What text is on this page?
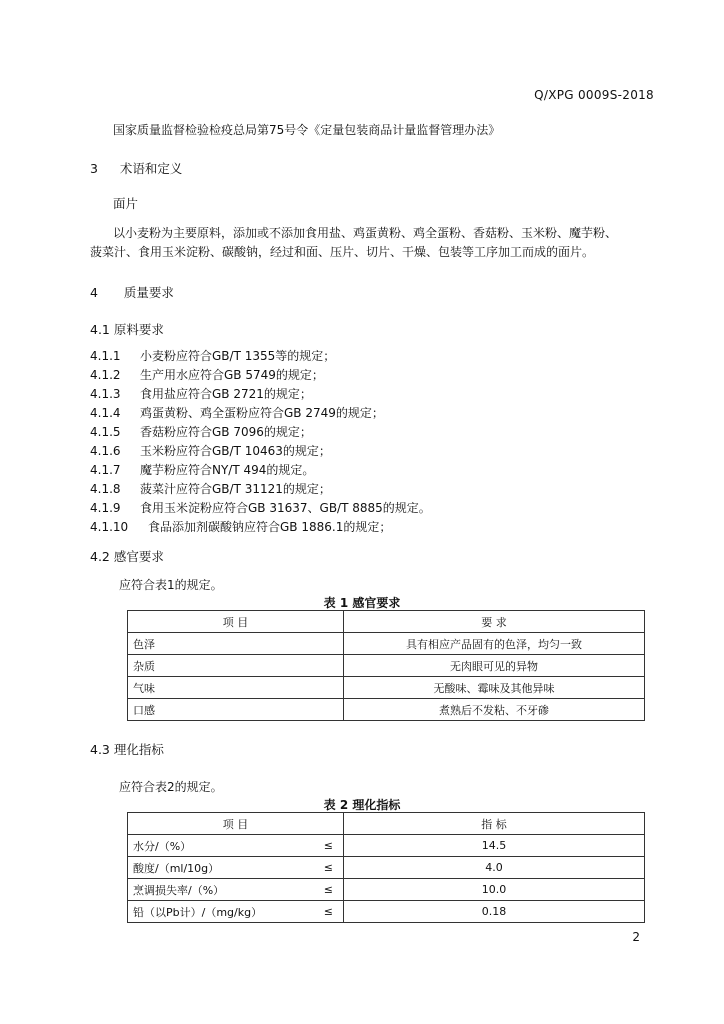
Q/XPG 0009S-2018
国家质量监督检验检疫总局第75号令《定量包装商品计量监督管理办法》
3 术语和定义
面片
以小麦粉为主要原料，添加或不添加食用盐、鸡蛋黄粉、鸡全蛋粉、香菇粉、玉米粉、魔芋粉、
菠菜汁、食用玉米淀粉、碳酸钠，经过和面、压片、切片、干燥、包装等工序加工而成的面片。
4 质量要求
4.1 原料要求
4.1.1 小麦粉应符合GB/T 1355等的规定；
4.1.2 生产用水应符合GB 5749的规定；
4.1.3 食用盐应符合GB 2721的规定；
4.1.4 鸡蛋黄粉、鸡全蛋粉应符合GB 2749的规定；
4.1.5 香菇粉应符合GB 7096的规定；
4.1.6 玉米粉应符合GB/T 10463的规定；
4.1.7 魔芋粉应符合NY/T 494的规定。
4.1.8 菠菜汁应符合GB/T 31121的规定；
4.1.9 食用玉米淀粉应符合GB 31637、GB/T 8885的规定。
4.1.10 食品添加剂碳酸钠应符合GB 1886.1的规定；
4.2 感官要求
应符合表1的规定。
表 1 感官要求
项 目	要 求
色泽	具有相应产品固有的色泽，均匀一致
杂质	无肉眼可见的异物
气味	无酸味、霉味及其他异味
口感	煮熟后不发粘、不牙碜
4.3 理化指标
应符合表2的规定。
表 2 理化指标
项 目		指 标
水分/（%）	≤	14.5
酸度/（ml/10g）	≤	4.0
烹调损失率/（%）	≤	10.0
铅（以Pb计）/（mg/kg）	≤	0.18
2
